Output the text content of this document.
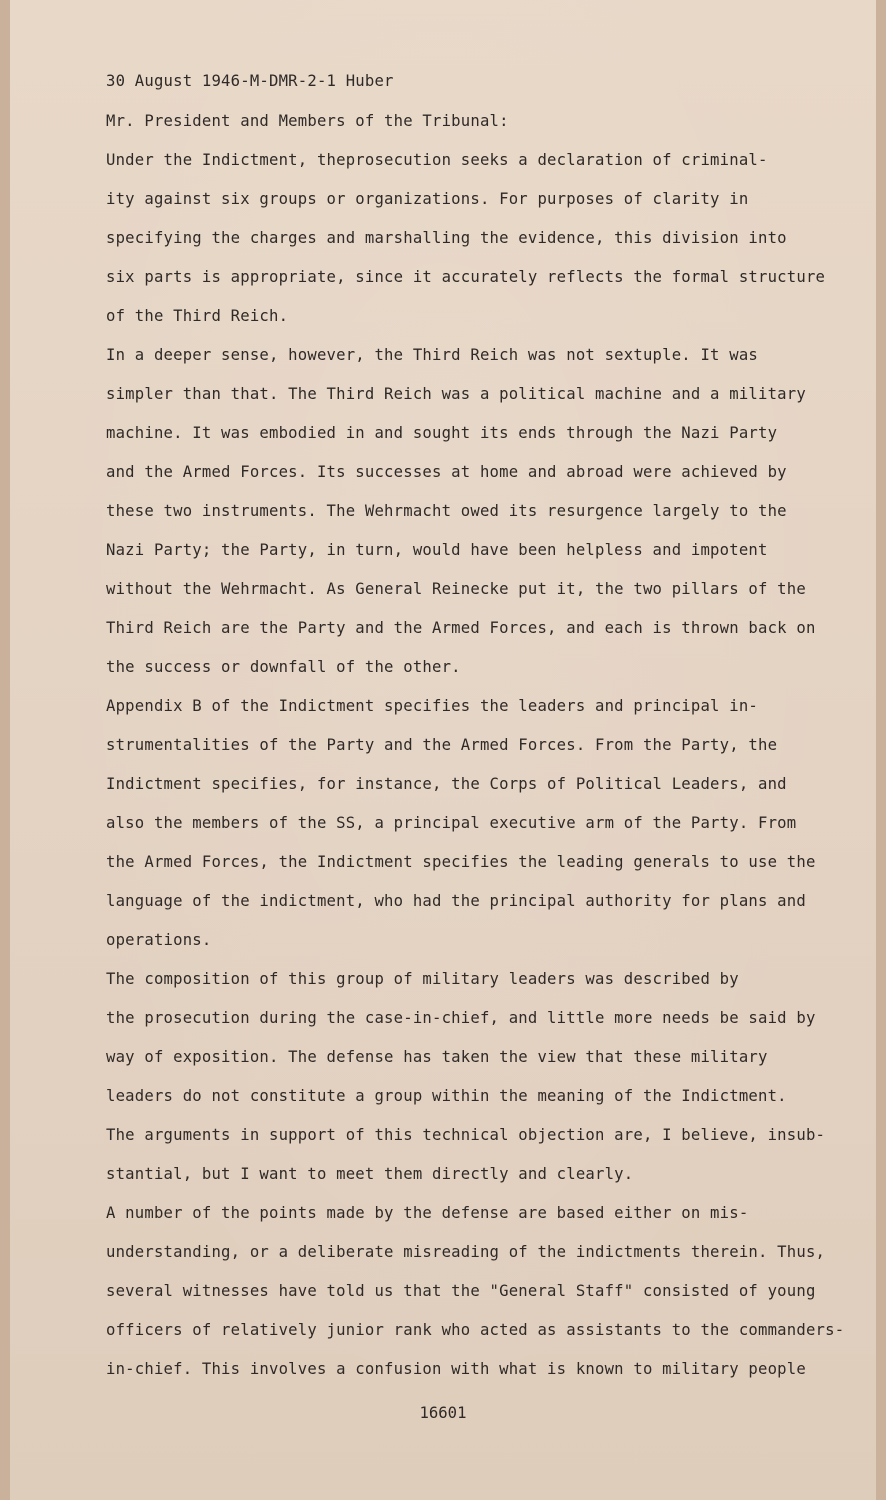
30 August 1946-M-DMR-2-1 Huber
Mr. President and Members of the Tribunal:
Under the Indictment, theprosecution seeks a declaration of criminal-
ity against six groups or organizations. For purposes of clarity in
specifying the charges and marshalling the evidence, this division into
six parts is appropriate, since it accurately reflects the formal structure
of the Third Reich.
In a deeper sense, however, the Third Reich was not sextuple. It was
simpler than that. The Third Reich was a political machine and a military
machine. It was embodied in and sought its ends through the Nazi Party
and the Armed Forces. Its successes at home and abroad were achieved by
these two instruments. The Wehrmacht owed its resurgence largely to the
Nazi Party; the Party, in turn, would have been helpless and impotent
without the Wehrmacht. As General Reinecke put it, the two pillars of the
Third Reich are the Party and the Armed Forces, and each is thrown back on
the success or downfall of the other.
Appendix B of the Indictment specifies the leaders and principal in-
strumentalities of the Party and the Armed Forces. From the Party, the
Indictment specifies, for instance, the Corps of Political Leaders, and
also the members of the SS, a principal executive arm of the Party. From
the Armed Forces, the Indictment specifies the leading generals to use the
language of the indictment, who had the principal authority for plans and
operations.
The composition of this group of military leaders was described by
the prosecution during the case-in-chief, and little more needs be said by
way of exposition. The defense has taken the view that these military
leaders do not constitute a group within the meaning of the Indictment.
The arguments in support of this technical objection are, I believe, insub-
stantial, but I want to meet them directly and clearly.
A number of the points made by the defense are based either on mis-
understanding, or a deliberate misreading of the indictments therein. Thus,
several witnesses have told us that the "General Staff" consisted of young
officers of relatively junior rank who acted as assistants to the commanders-
in-chief. This involves a confusion with what is known to military people
16601
